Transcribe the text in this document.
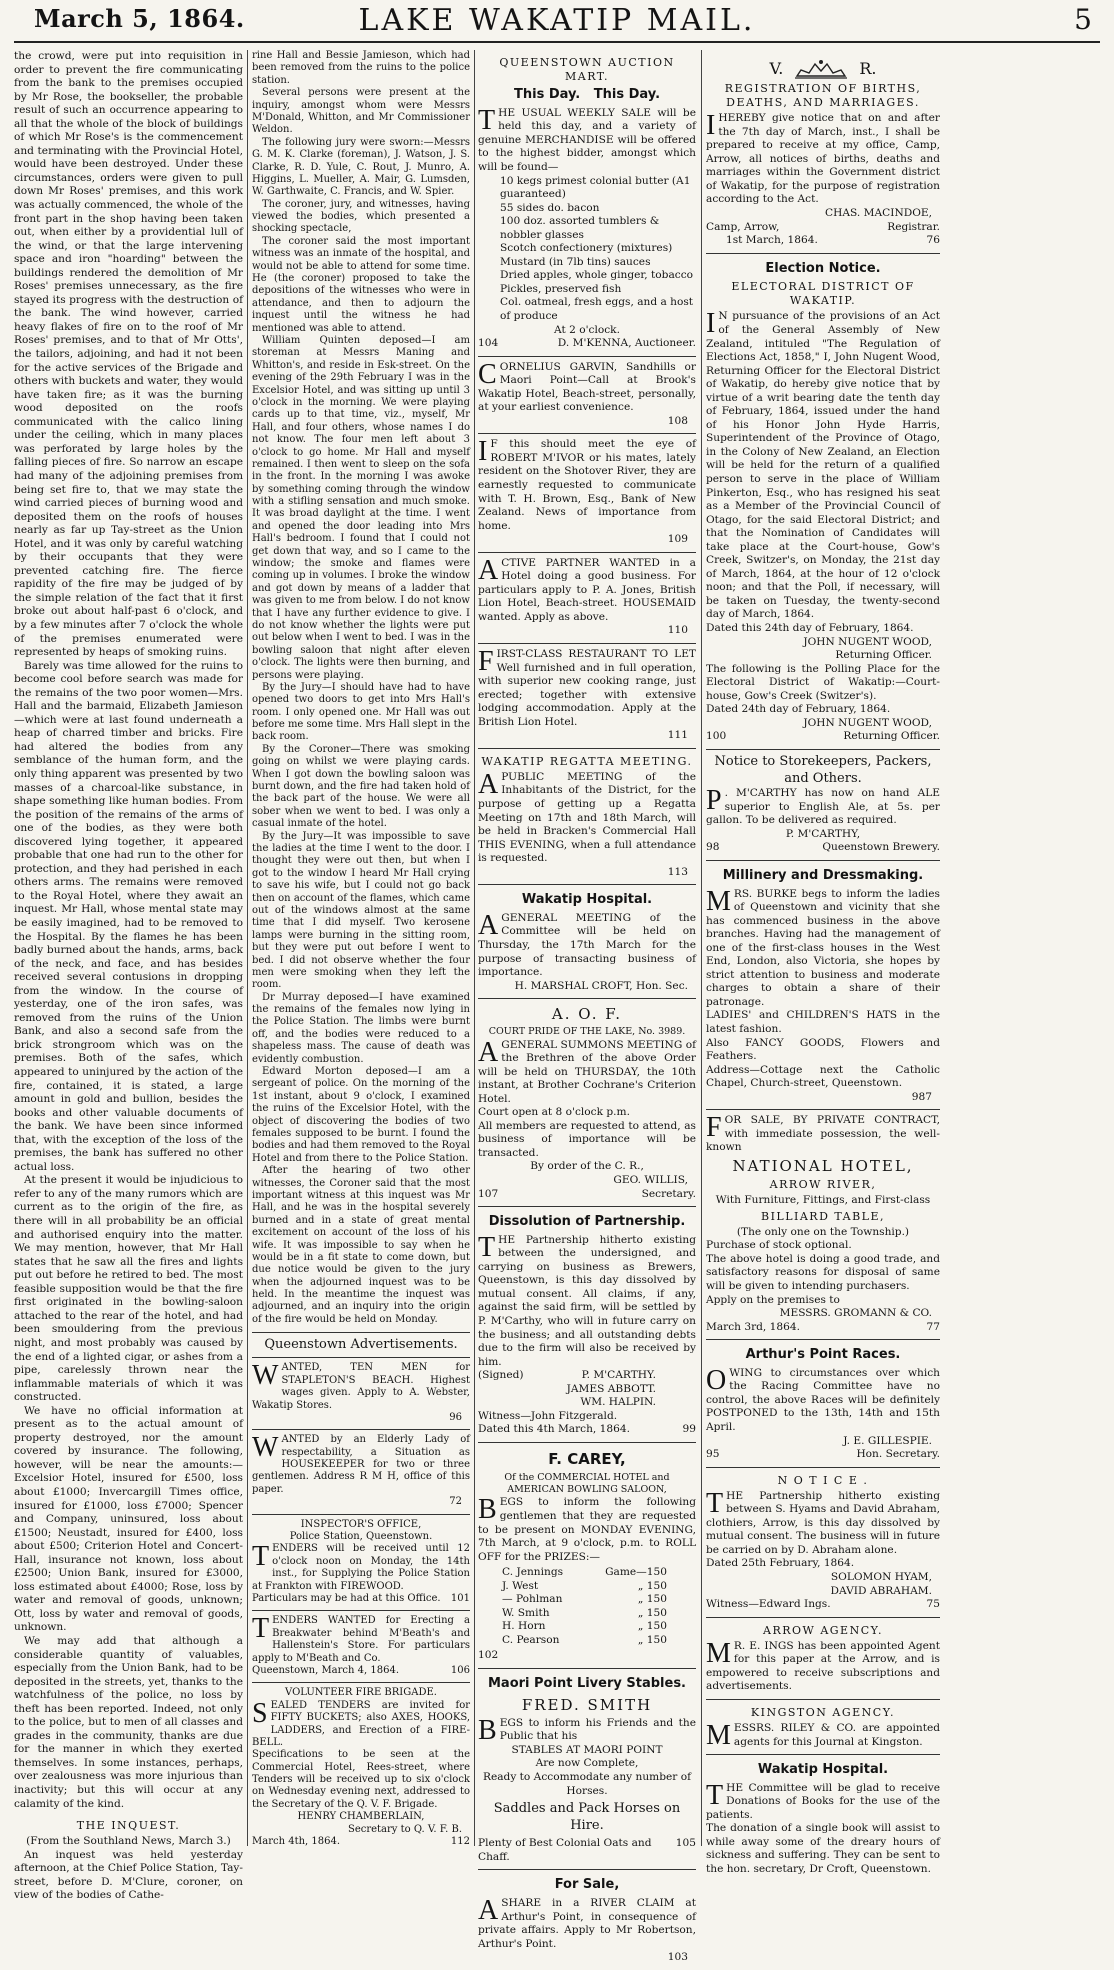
March 5, 1864.	LAKE WAKATIP MAIL.	5

the crowd, were put into requisition in order to prevent the fire communicating from the bank to the premises occupied by Mr Rose, the bookseller, the probable result of such an occurrence appearing to all that the whole of the block of buildings of which Mr Rose's is the commencement and terminating with the Provincial Hotel, would have been destroyed. Under these circumstances, orders were given to pull down Mr Roses' premises, and this work was actually commenced, the whole of the front part in the shop having been taken out, when either by a providential lull of the wind, or that the large intervening space and iron "hoarding" between the buildings rendered the demolition of Mr Roses' premises unnecessary, as the fire stayed its progress with the destruction of the bank. The wind however, carried heavy flakes of fire on to the roof of Mr Roses' premises, and to that of Mr Otts', the tailors, adjoining, and had it not been for the active services of the Brigade and others with buckets and water, they would have taken fire; as it was the burning wood deposited on the roofs communicated with the calico lining under the ceiling, which in many places was perforated by large holes by the falling pieces of fire. So narrow an escape had many of the adjoining premises from being set fire to, that we may state the wind carried pieces of burning wood and deposited them on the roofs of houses nearly as far up Tay-street as the Union Hotel, and it was only by careful watching by their occupants that they were prevented catching fire. The fierce rapidity of the fire may be judged of by the simple relation of the fact that it first broke out about half-past 6 o'clock, and by a few minutes after 7 o'clock the whole of the premises enumerated were represented by heaps of smoking ruins.

Barely was time allowed for the ruins to become cool before search was made for the remains of the two poor women—Mrs. Hall and the barmaid, Elizabeth Jamieson—which were at last found underneath a heap of charred timber and bricks. Fire had altered the bodies from any semblance of the human form, and the only thing apparent was presented by two masses of a charcoal-like substance, in shape something like human bodies. From the position of the remains of the arms of one of the bodies, as they were both discovered lying together, it appeared probable that one had run to the other for protection, and they had perished in each others arms. The remains were removed to the Royal Hotel, where they await an inquest. Mr Hall, whose mental state may be easily imagined, had to be removed to the Hospital. By the flames he has been badly burned about the hands, arms, back of the neck, and face, and has besides received several contusions in dropping from the window. In the course of yesterday, one of the iron safes, was removed from the ruins of the Union Bank, and also a second safe from the brick strongroom which was on the premises. Both of the safes, which appeared to uninjured by the action of the fire, contained, it is stated, a large amount in gold and bullion, besides the books and other valuable documents of the bank. We have been since informed that, with the exception of the loss of the premises, the bank has suffered no other actual loss.

At the present it would be injudicious to refer to any of the many rumors which are current as to the origin of the fire, as there will in all probability be an official and authorised enquiry into the matter. We may mention, however, that Mr Hall states that he saw all the fires and lights put out before he retired to bed. The most feasible supposition would be that the fire first originated in the bowling-saloon attached to the rear of the hotel, and had been smouldering from the previous night, and most probably was caused by the end of a lighted cigar, or ashes from a pipe, carelessly thrown near the inflammable materials of which it was constructed.

We have no official information at present as to the actual amount of property destroyed, nor the amount covered by insurance. The following, however, will be near the amounts:—Excelsior Hotel, insured for £500, loss about £1000; Invercargill Times office, insured for £1000, loss £7000; Spencer and Company, uninsured, loss about £1500; Neustadt, insured for £400, loss about £500; Criterion Hotel and Concert-Hall, insurance not known, loss about £2500; Union Bank, insured for £3000, loss estimated about £4000; Rose, loss by water and removal of goods, unknown; Ott, loss by water and removal of goods, unknown.

We may add that although a considerable quantity of valuables, especially from the Union Bank, had to be deposited in the streets, yet, thanks to the watchfulness of the police, no loss by theft has been reported. Indeed, not only to the police, but to men of all classes and grades in the community, thanks are due for the manner in which they exerted themselves. In some instances, perhaps, over zealousness was more injurious than inactivity; but this will occur at any calamity of the kind.

THE INQUEST.
(From the Southland News, March 3.)

An inquest was held yesterday afternoon, at the Chief Police Station, Tay-street, before D. M'Clure, coroner, on view of the bodies of Cathe-

rine Hall and Bessie Jamieson, which had been removed from the ruins to the police station.

Several persons were present at the inquiry, amongst whom were Messrs M'Donald, Whitton, and Mr Commissioner Weldon.

The following jury were sworn:—Messrs G. M. K. Clarke (foreman), J. Watson, J. S. Clarke, R. D. Yule, C. Rout, J. Munro, A. Higgins, L. Mueller, A. Mair, G. Lumsden, W. Garthwaite, C. Francis, and W. Spier.

The coroner, jury, and witnesses, having viewed the bodies, which presented a shocking spectacle,

The coroner said the most important witness was an inmate of the hospital, and would not be able to attend for some time. He (the coroner) proposed to take the depositions of the witnesses who were in attendance, and then to adjourn the inquest until the witness he had mentioned was able to attend.

William Quinten deposed—I am storeman at Messrs Maning and Whitton's, and reside in Esk-street. On the evening of the 29th February I was in the Excelsior Hotel, and was sitting up until 3 o'clock in the morning. We were playing cards up to that time, viz., myself, Mr Hall, and four others, whose names I do not know. The four men left about 3 o'clock to go home. Mr Hall and myself remained. I then went to sleep on the sofa in the front. In the morning I was awoke by something coming through the window with a stifling sensation and much smoke. It was broad daylight at the time. I went and opened the door leading into Mrs Hall's bedroom. I found that I could not get down that way, and so I came to the window; the smoke and flames were coming up in volumes. I broke the window and got down by means of a ladder that was given to me from below. I do not know that I have any further evidence to give. I do not know whether the lights were put out below when I went to bed. I was in the bowling saloon that night after eleven o'clock. The lights were then burning, and persons were playing.

By the Jury—I should have had to have opened two doors to get into Mrs Hall's room. I only opened one. Mr Hall was out before me some time. Mrs Hall slept in the back room.

By the Coroner—There was smoking going on whilst we were playing cards. When I got down the bowling saloon was burnt down, and the fire had taken hold of the back part of the house. We were all sober when we went to bed. I was only a casual inmate of the hotel.

By the Jury—It was impossible to save the ladies at the time I went to the door. I thought they were out then, but when I got to the window I heard Mr Hall crying to save his wife, but I could not go back then on account of the flames, which came out of the windows almost at the same time that I did myself. Two kerosene lamps were burning in the sitting room, but they were put out before I went to bed. I did not observe whether the four men were smoking when they left the room.

Dr Murray deposed—I have examined the remains of the females now lying in the Police Station. The limbs were burnt off, and the bodies were reduced to a shapeless mass. The cause of death was evidently combustion.

Edward Morton deposed—I am a sergeant of police. On the morning of the 1st instant, about 9 o'clock, I examined the ruins of the Excelsior Hotel, with the object of discovering the bodies of two females supposed to be burnt. I found the bodies and had them removed to the Royal Hotel and from there to the Police Station.

After the hearing of two other witnesses, the Coroner said that the most important witness at this inquest was Mr Hall, and he was in the hospital severely burned and in a state of great mental excitement on account of the loss of his wife. It was impossible to say when he would be in a fit state to come down, but due notice would be given to the jury when the adjourned inquest was to be held. In the meantime the inquest was adjourned, and an inquiry into the origin of the fire would be held on Monday.

Queenstown Advertisements.

WANTED, TEN MEN for STAPLETON'S BEACH. Highest wages given. Apply to A. Webster, Wakatip Stores.

96

WANTED by an Elderly Lady of respectability, a Situation as HOUSEKEEPER for two or three gentlemen. Address R M H, office of this paper.

72
INSPECTOR'S OFFICE,
Police Station, Queenstown.

TENDERS will be received until 12 o'clock noon on Monday, the 14th inst., for Supplying the Police Station at Frankton with FIREWOOD.

Particulars may be had at this Office. 101

TENDERS WANTED for Erecting a Breakwater behind M'Beath's and Hallenstein's Store. For particulars apply to M'Beath and Co.

Queenstown, March 4, 1864.	106
VOLUNTEER FIRE BRIGADE.

SEALED TENDERS are invited for FIFTY BUCKETS; also AXES, HOOKS, LADDERS, and Erection of a FIRE-BELL.

Specifications to be seen at the Commercial Hotel, Rees-street, where Tenders will be received up to six o'clock on Wednesday evening next, addressed to the Secretary of the Q. V. F. Brigade.

HENRY CHAMBERLAIN,
Secretary to Q. V. F. B.
March 4th, 1864.	112
QUEENSTOWN AUCTION MART.
This Day.   This Day.

THE USUAL WEEKLY SALE will be held this day, and a variety of genuine MERCHANDISE will be offered to the highest bidder, amongst which will be found—

10 kegs primest colonial butter (A1 guaranteed)
55 sides do. bacon
100 doz. assorted tumblers & nobbler glasses
Scotch confectionery (mixtures)
Mustard (in 7lb tins) sauces
Dried apples, whole ginger, tobacco
Pickles, preserved fish
Col. oatmeal, fresh eggs, and a host of produce
At 2 o'clock.
104	D. M'KENNA, Auctioneer.

CORNELIUS GARVIN, Sandhills or Maori Point—Call at Brook's Wakatip Hotel, Beach-street, personally, at your earliest convenience.

108

I F this should meet the eye of ROBERT M'IVOR or his mates, lately resident on the Shotover River, they are earnestly requested to communicate with T. H. Brown, Esq., Bank of New Zealand. News of importance from home.

109

ACTIVE PARTNER WANTED in a Hotel doing a good business. For particulars apply to P. A. Jones, British Lion Hotel, Beach-street. HOUSEMAID wanted. Apply as above.

110

FIRST-CLASS RESTAURANT TO LET Well furnished and in full operation, with superior new cooking range, just erected; together with extensive lodging accommodation. Apply at the British Lion Hotel.

111
WAKATIP REGATTA MEETING.

A PUBLIC MEETING of the Inhabitants of the District, for the purpose of getting up a Regatta Meeting on 17th and 18th March, will be held in Bracken's Commercial Hall THIS EVENING, when a full attendance is requested.

113
Wakatip Hospital.

A GENERAL MEETING of the Committee will be held on Thursday, the 17th March for the purpose of transacting business of importance.

H. MARSHAL CROFT, Hon. Sec.
A. O. F.
COURT PRIDE OF THE LAKE, No. 3989.

A GENERAL SUMMONS MEETING of the Brethren of the above Order will be held on THURSDAY, the 10th instant, at Brother Cochrane's Criterion Hotel.

Court open at 8 o'clock p.m.

All members are requested to attend, as business of importance will be transacted.

By order of the C. R.,
GEO. WILLIS,
107	Secretary.
Dissolution of Partnership.

THE Partnership hitherto existing between the undersigned, and carrying on business as Brewers, Queenstown, is this day dissolved by mutual consent. All claims, if any, against the said firm, will be settled by P. M'Carthy, who will in future carry on the business; and all outstanding debts due to the firm will also be received by him.

(Signed)	P. M'CARTHY.
JAMES ABBOTT.
WM. HALPIN.
Witness—John Fitzgerald.
Dated this 4th March, 1864.	99
F. CAREY,
Of the COMMERCIAL HOTEL and AMERICAN BOWLING SALOON,

BEGS to inform the following gentlemen that they are requested to be present on MONDAY EVENING, 7th March, at 9 o'clock, p.m. to ROLL OFF for the PRIZES:—

C. Jennings	Game—150
J. West	„ 150
— Pohlman	„ 150
W. Smith	„ 150
H. Horn	„ 150
C. Pearson	„ 150
102
Maori Point Livery Stables.
FRED. SMITH

BEGS to inform his Friends and the Public that his

STABLES AT MAORI POINT
Are now Complete,
Ready to Accommodate any number of Horses.
Saddles and Pack Horses on Hire.
Plenty of Best Colonial Oats and Chaff.
105
For Sale,

A SHARE in a RIVER CLAIM at Arthur's Point, in consequence of private affairs. Apply to Mr Robertson, Arthur's Point.

103
V.	R.
REGISTRATION OF BIRTHS, DEATHS, AND MARRIAGES.

I HEREBY give notice that on and after the 7th day of March, inst., I shall be prepared to receive at my office, Camp, Arrow, all notices of births, deaths and marriages within the Government district of Wakatip, for the purpose of registration according to the Act.

CHAS. MACINDOE,
Camp, Arrow,	Registrar.
1st March, 1864.	76
Election Notice.
ELECTORAL DISTRICT OF WAKATIP.

I N pursuance of the provisions of an Act of the General Assembly of New Zealand, intituled "The Regulation of Elections Act, 1858," I, John Nugent Wood, Returning Officer for the Electoral District of Wakatip, do hereby give notice that by virtue of a writ bearing date the tenth day of February, 1864, issued under the hand of his Honor John Hyde Harris, Superintendent of the Province of Otago, in the Colony of New Zealand, an Election will be held for the return of a qualified person to serve in the place of William Pinkerton, Esq., who has resigned his seat as a Member of the Provincial Council of Otago, for the said Electoral District; and that the Nomination of Candidates will take place at the Court-house, Gow's Creek, Switzer's, on Monday, the 21st day of March, 1864, at the hour of 12 o'clock noon; and that the Poll, if necessary, will be taken on Tuesday, the twenty-second day of March, 1864.

Dated this 24th day of February, 1864.
JOHN NUGENT WOOD,
Returning Officer.

The following is the Polling Place for the Electoral District of Wakatip:—Court-house, Gow's Creek (Switzer's).

Dated 24th day of February, 1864.
JOHN NUGENT WOOD,
100	Returning Officer.
Notice to Storekeepers, Packers, and Others.

P . M'CARTHY has now on hand ALE superior to English Ale, at 5s. per gallon. To be delivered as required.

P. M'CARTHY,
98	Queenstown Brewery.
Millinery and Dressmaking.

MRS. BURKE begs to inform the ladies of Queenstown and vicinity that she has commenced business in the above branches. Having had the management of one of the first-class houses in the West End, London, also Victoria, she hopes by strict attention to business and moderate charges to obtain a share of their patronage.

LADIES' and CHILDREN'S HATS in the latest fashion.

Also FANCY GOODS, Flowers and Feathers.

Address—Cottage next the Catholic Chapel, Church-street, Queenstown.

987

FOR SALE, BY PRIVATE CONTRACT, with immediate possession, the well-known

NATIONAL HOTEL,
ARROW RIVER,
With Furniture, Fittings, and First-class
BILLIARD TABLE,
(The only one on the Township.)

Purchase of stock optional.

The above hotel is doing a good trade, and satisfactory reasons for disposal of same will be given to intending purchasers.

Apply on the premises to

MESSRS. GROMANN & CO.
March 3rd, 1864.	77
Arthur's Point Races.

OWING to circumstances over which the Racing Committee have no control, the above Races will be definitely POSTPONED to the 13th, 14th and 15th April.

J. E. GILLESPIE.
95	Hon. Secretary.
N O T I C E .

THE Partnership hitherto existing between S. Hyams and David Abraham, clothiers, Arrow, is this day dissolved by mutual consent. The business will in future be carried on by D. Abraham alone.

Dated 25th February, 1864.
SOLOMON HYAM,
DAVID ABRAHAM.
Witness—Edward Ings.	75
ARROW AGENCY.

M R. E. INGS has been appointed Agent for this paper at the Arrow, and is empowered to receive subscriptions and advertisements.

KINGSTON AGENCY.

MESSRS. RILEY & CO. are appointed agents for this Journal at Kingston.

Wakatip Hospital.

THE Committee will be glad to receive Donations of Books for the use of the patients.

The donation of a single book will assist to while away some of the dreary hours of sickness and suffering. They can be sent to the hon. secretary, Dr Croft, Queenstown.
